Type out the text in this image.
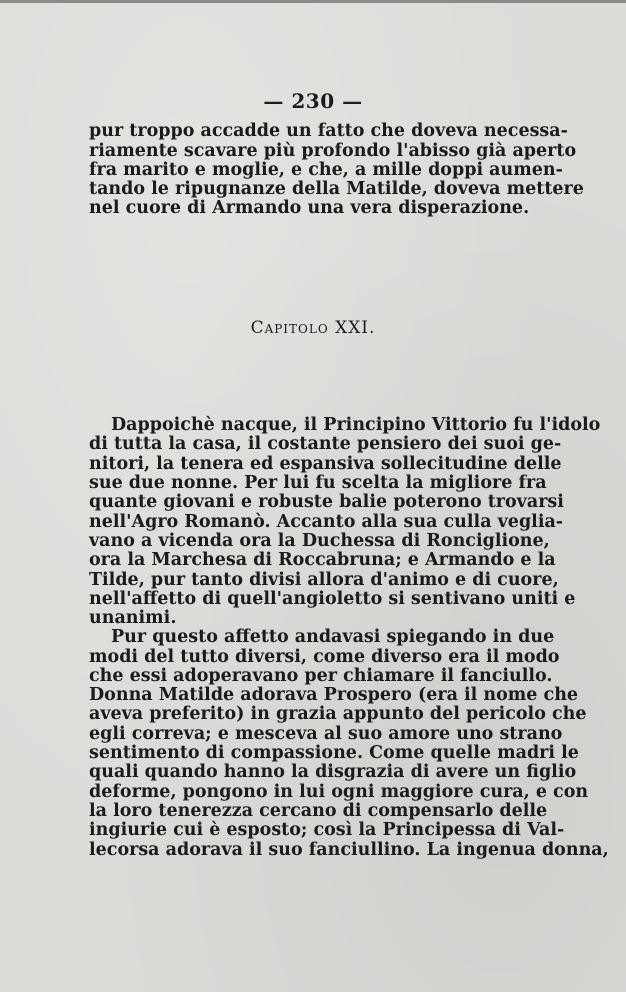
— 230 —
pur troppo accadde un fatto che doveva necessa-
riamente scavare più profondo l'abisso già aperto
fra marito e moglie, e che, a mille doppi aumen-
tando le ripugnanze della Matilde, doveva mettere
nel cuore di Armando una vera disperazione.
Capitolo XXI.
Dappoichè nacque, il Principino Vittorio fu l'idolo
di tutta la casa, il costante pensiero dei suoi ge-
nitori, la tenera ed espansiva sollecitudine delle
sue due nonne. Per lui fu scelta la migliore fra
quante giovani e robuste balie poterono trovarsi
nell'Agro Romanò. Accanto alla sua culla veglia-
vano a vicenda ora la Duchessa di Ronciglione,
ora la Marchesa di Roccabruna; e Armando e la
Tilde, pur tanto divisi allora d'animo e di cuore,
nell'affetto di quell'angioletto si sentivano uniti e
unanimi.
Pur questo affetto andavasi spiegando in due
modi del tutto diversi, come diverso era il modo
che essi adoperavano per chiamare il fanciullo.
Donna Matilde adorava Prospero (era il nome che
aveva preferito) in grazia appunto del pericolo che
egli correva; e mesceva al suo amore uno strano
sentimento di compassione. Come quelle madri le
quali quando hanno la disgrazia di avere un figlio
deforme, pongono in lui ogni maggiore cura, e con
la loro tenerezza cercano di compensarlo delle
ingiurie cui è esposto; così la Principessa di Val-
lecorsa adorava il suo fanciullino. La ingenua donna,
